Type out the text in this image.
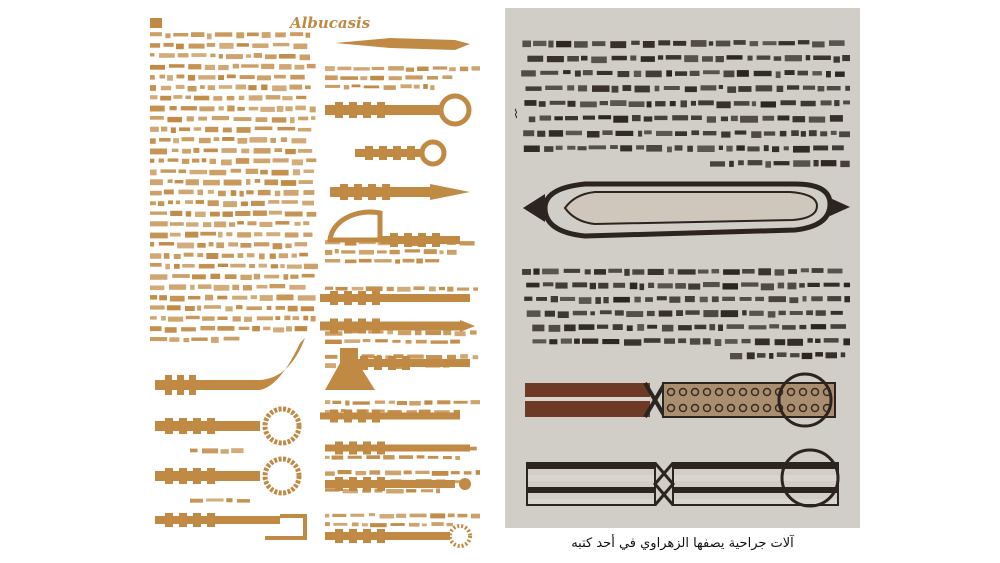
Albucasis
⌇
آلات جراحية يصفها الزهراوي في أحد كتبه
